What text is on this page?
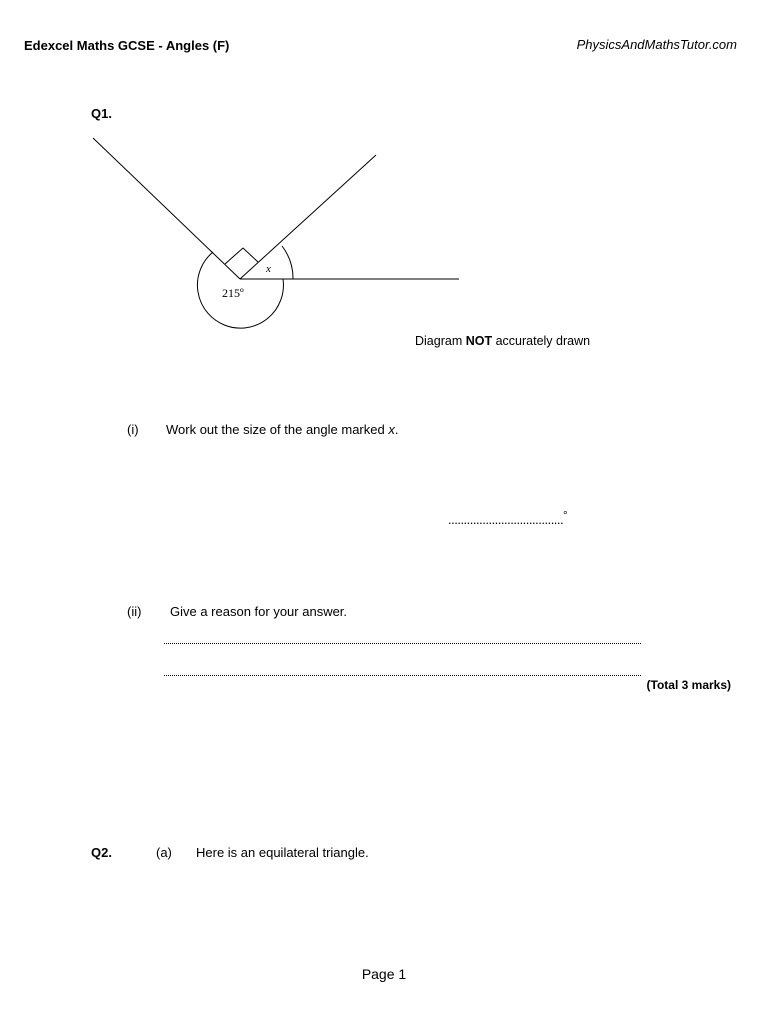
Edexcel Maths GCSE - Angles (F)	PhysicsAndMathsTutor.com
Q1.
x
215º
Diagram NOT accurately drawn
(i) Work out the size of the angle marked x.
.....................................°
(ii) Give a reason for your answer.
(Total 3 marks)
Q2.	(a) Here is an equilateral triangle.
Page 1
